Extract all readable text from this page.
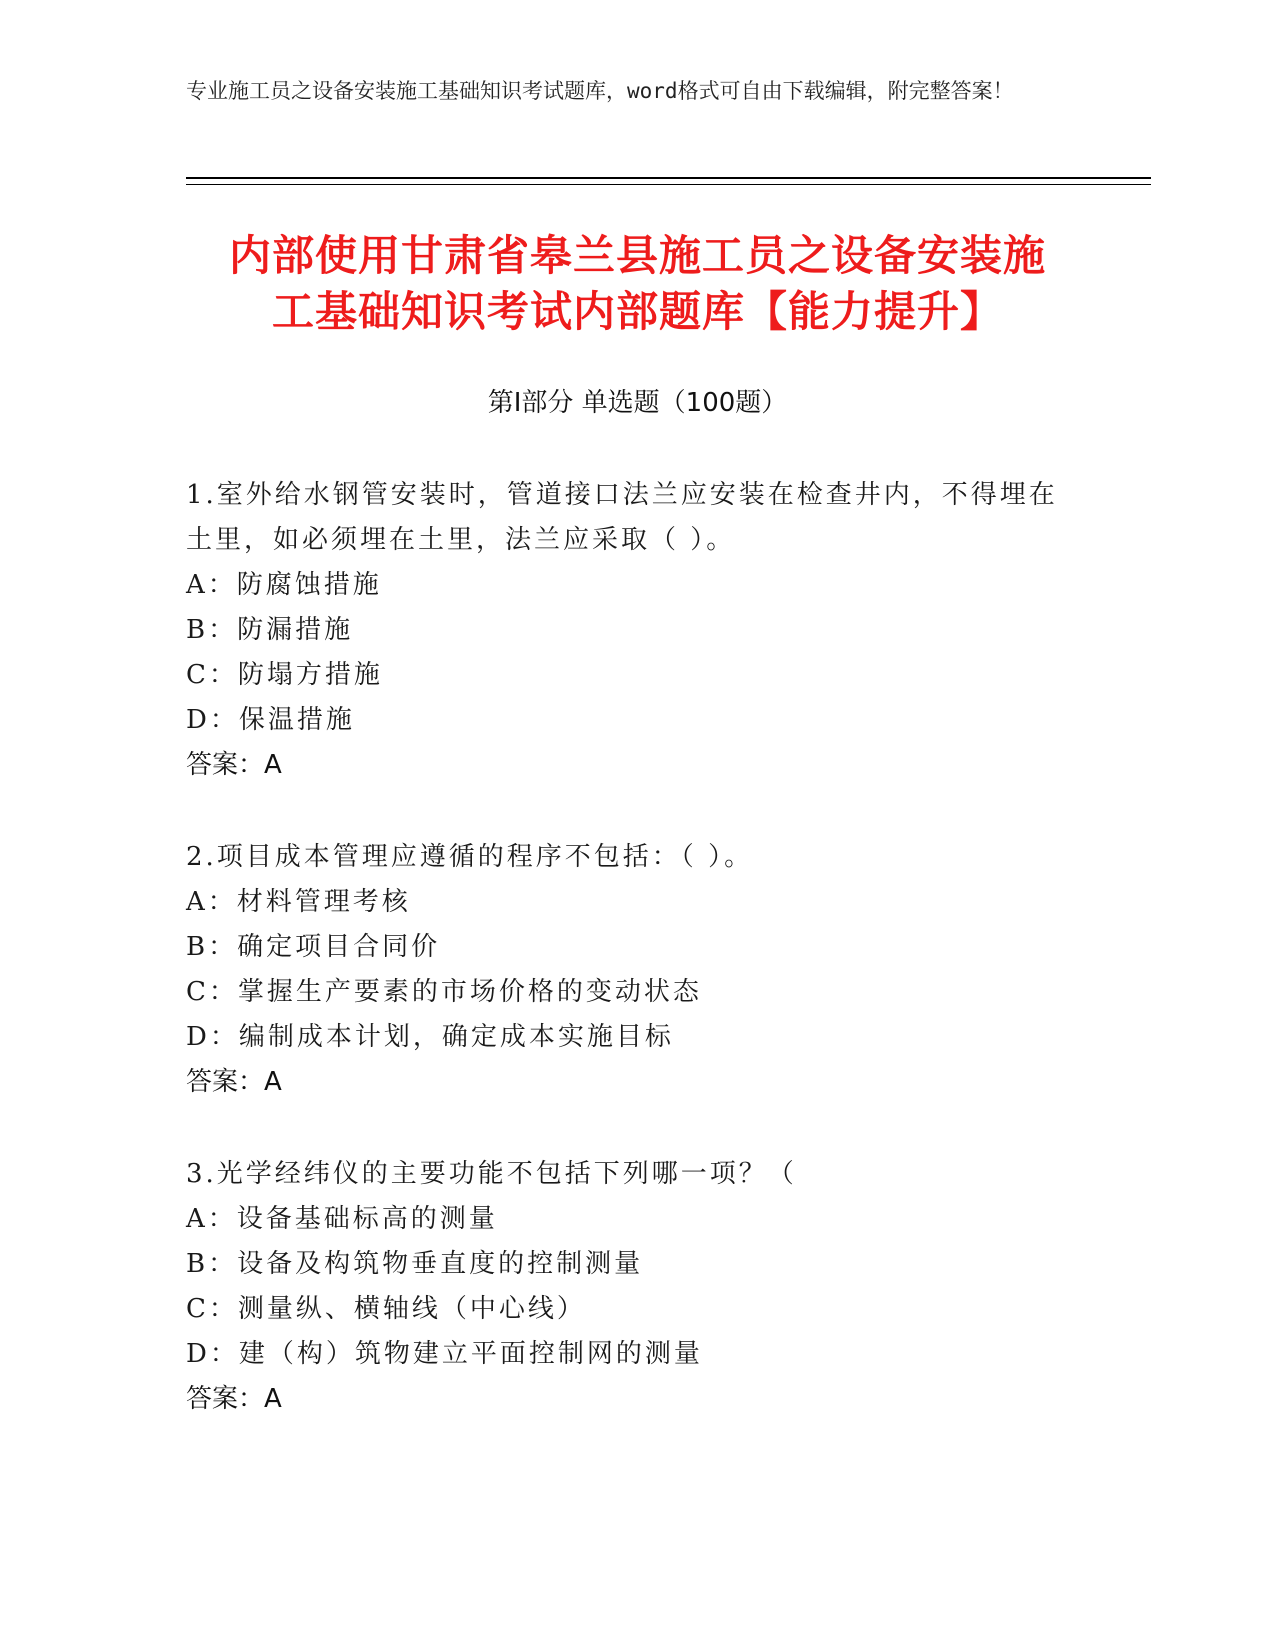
专业施工员之设备安装施工基础知识考试题库，word格式可自由下载编辑，附完整答案！
内部使用甘肃省皋兰县施工员之设备安装施
工基础知识考试内部题库【能力提升】
第Ⅰ部分 单选题（100题）
1.室外给水钢管安装时，管道接口法兰应安装在检查井内，不得埋在土里，如必须埋在土里，法兰应采取（ ）。
A：防腐蚀措施
B：防漏措施
C：防塌方措施
D：保温措施
答案：A
2.项目成本管理应遵循的程序不包括：（ ）。
A：材料管理考核
B：确定项目合同价
C：掌握生产要素的市场价格的变动状态
D：编制成本计划，确定成本实施目标
答案：A
3.光学经纬仪的主要功能不包括下列哪一项？（
A：设备基础标高的测量
B：设备及构筑物垂直度的控制测量
C：测量纵、横轴线（中心线）
D：建（构）筑物建立平面控制网的测量
答案：A
